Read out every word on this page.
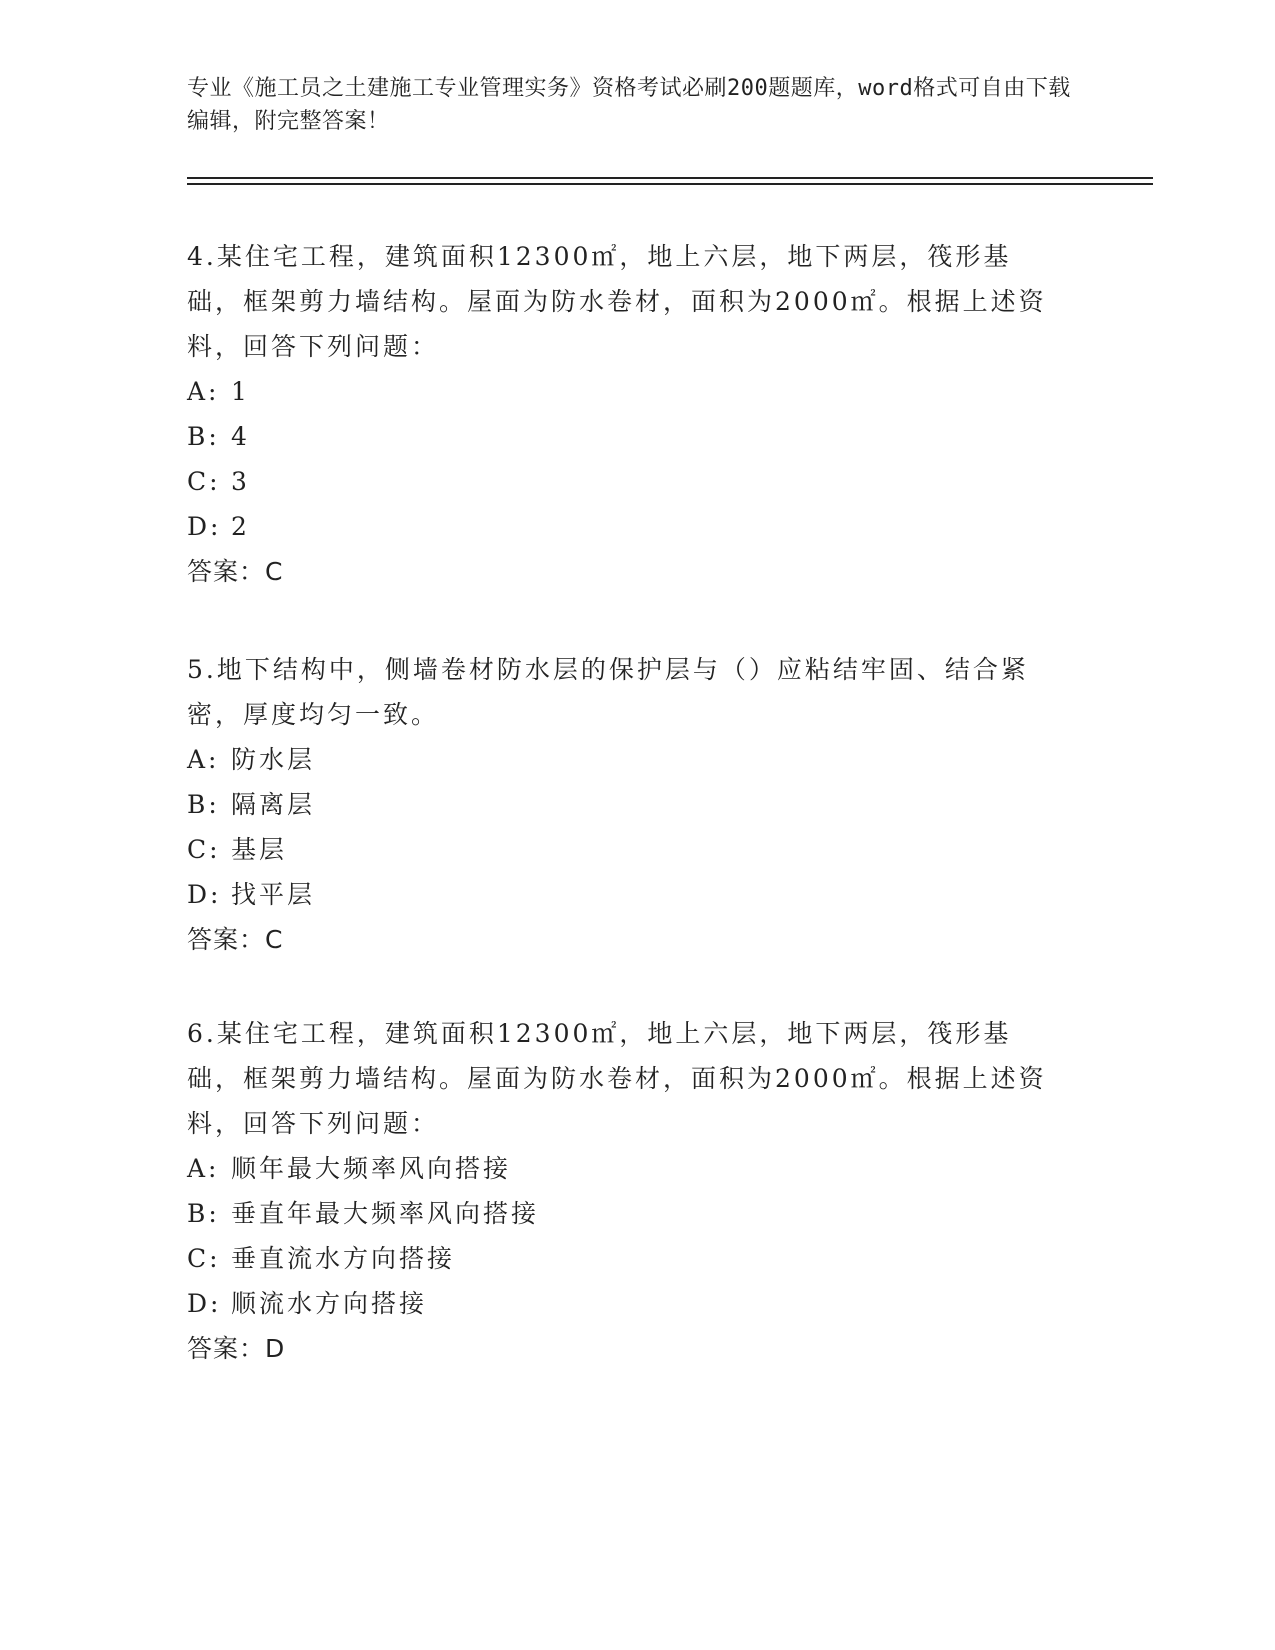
专业《施工员之土建施工专业管理实务》资格考试必刷200题题库，word格式可自由下载编辑，附完整答案！

4.某住宅工程，建筑面积12300㎡，地上六层，地下两层，筏形基础，框架剪力墙结构。屋面为防水卷材，面积为2000㎡。根据上述资料，回答下列问题：

A: 1

B: 4

C: 3

D: 2

答案：C

5.地下结构中，侧墙卷材防水层的保护层与（）应粘结牢固、结合紧密，厚度均匀一致。

A: 防水层

B: 隔离层

C: 基层

D: 找平层

答案：C

6.某住宅工程，建筑面积12300㎡，地上六层，地下两层，筏形基础，框架剪力墙结构。屋面为防水卷材，面积为2000㎡。根据上述资料，回答下列问题：

A: 顺年最大频率风向搭接

B: 垂直年最大频率风向搭接

C: 垂直流水方向搭接

D: 顺流水方向搭接

答案：D
